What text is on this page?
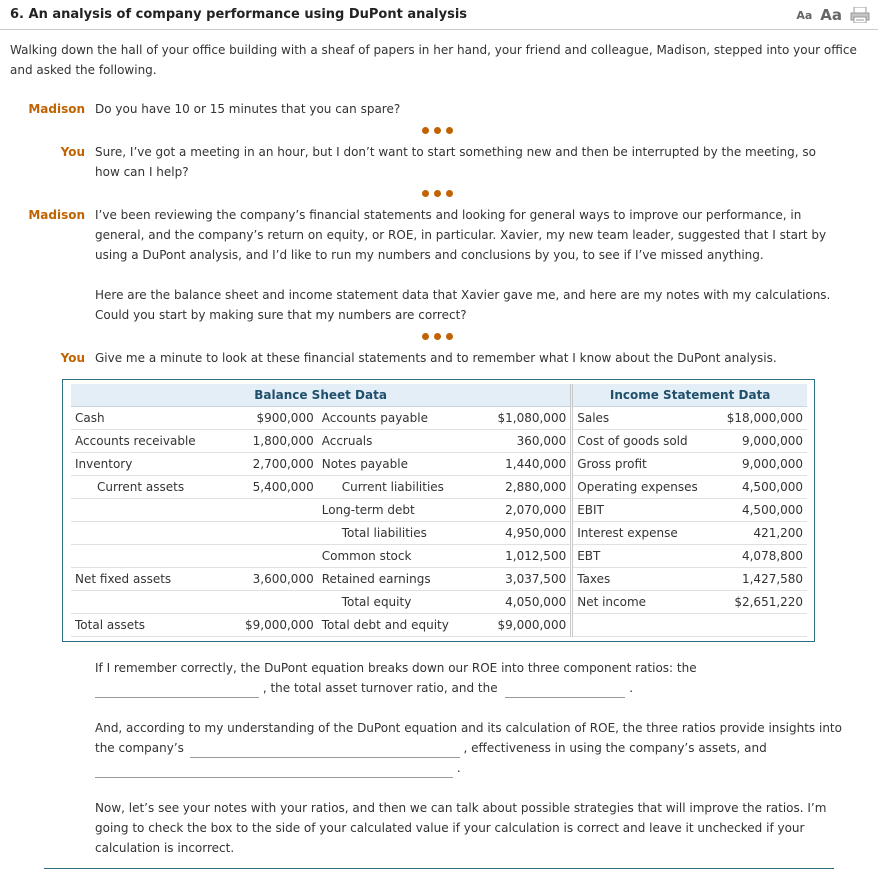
6. An analysis of company performance using DuPont analysis	Aa Aa
Walking down the hall of your office building with a sheaf of papers in her hand, your friend and colleague, Madison, stepped into your office and asked the following.
Madison Do you have 10 or 15 minutes that you can spare?
You Sure, I’ve got a meeting in an hour, but I don’t want to start something new and then be interrupted by the meeting, so how can I help?
Madison I’ve been reviewing the company’s financial statements and looking for general ways to improve our performance, in general, and the company’s return on equity, or ROE, in particular. Xavier, my new team leader, suggested that I start by using a DuPont analysis, and I’d like to run my numbers and conclusions by you, to see if I’ve missed anything.
Here are the balance sheet and income statement data that Xavier gave me, and here are my notes with my calculations. Could you start by making sure that my numbers are correct?
You Give me a minute to look at these financial statements and to remember what I know about the DuPont analysis.
Balance Sheet Data				Income Statement Data	
Cash	$900,000	Accounts payable	$1,080,000	Sales	$18,000,000
Accounts receivable	1,800,000	Accruals	360,000	Cost of goods sold	9,000,000
Inventory	2,700,000	Notes payable	1,440,000	Gross profit	9,000,000
Current assets	5,400,000	Current liabilities	2,880,000	Operating expenses	4,500,000
		Long-term debt	2,070,000	EBIT	4,500,000
		Total liabilities	4,950,000	Interest expense	421,200
		Common stock	1,012,500	EBT	4,078,800
Net fixed assets	3,600,000	Retained earnings	3,037,500	Taxes	1,427,580
		Total equity	4,050,000	Net income	$2,651,220
Total assets	$9,000,000	Total debt and equity	$9,000,000		
If I remember correctly, the DuPont equation breaks down our ROE into three component ratios: the
, the total asset turnover ratio, and the	.
And, according to my understanding of the DuPont equation and its calculation of ROE, the three ratios provide insights into the company’s	, effectiveness in using the company’s assets, and
.
Now, let’s see your notes with your ratios, and then we can talk about possible strategies that will improve the ratios. I’m going to check the box to the side of your calculated value if your calculation is correct and leave it unchecked if your calculation is incorrect.
